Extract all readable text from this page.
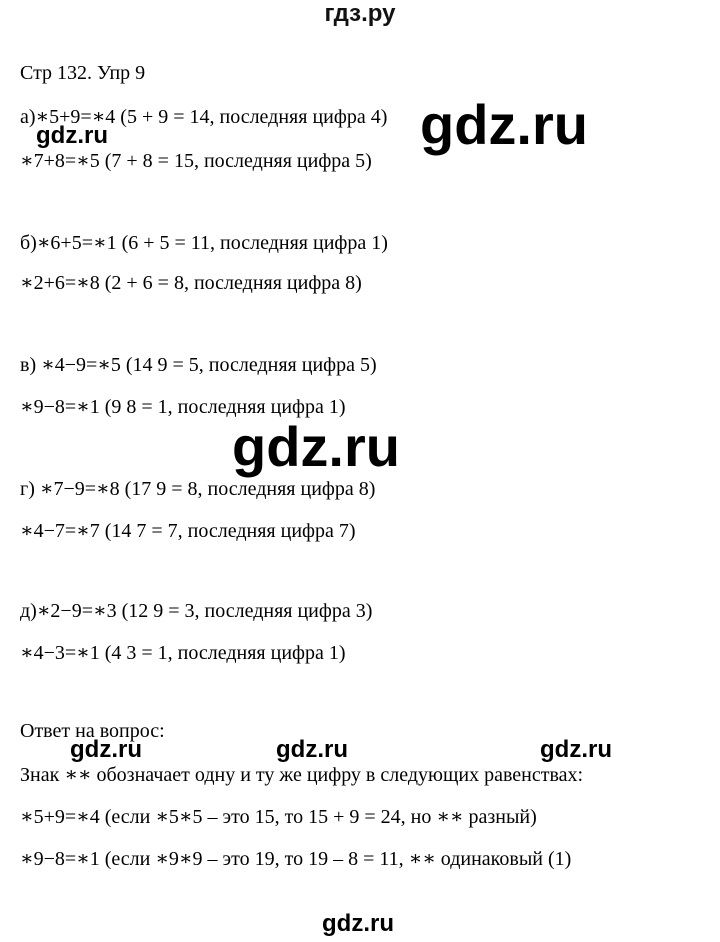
гдз.ру
Стр 132. Упр 9
а)∗5+9=∗4 (5 + 9 = 14, последняя цифра 4)
∗7+8=∗5 (7 + 8 = 15, последняя цифра 5)
б)∗6+5=∗1 (6 + 5 = 11, последняя цифра 1)
∗2+6=∗8 (2 + 6 = 8, последняя цифра 8)
в) ∗4−9=∗5 (14 9 = 5, последняя цифра 5)
∗9−8=∗1 (9 8 = 1, последняя цифра 1)
г) ∗7−9=∗8 (17 9 = 8, последняя цифра 8)
∗4−7=∗7 (14 7 = 7, последняя цифра 7)
д)∗2−9=∗3 (12 9 = 3, последняя цифра 3)
∗4−3=∗1 (4 3 = 1, последняя цифра 1)
Ответ на вопрос:
Знак ∗∗ обозначает одну и ту же цифру в следующих равенствах:
∗5+9=∗4 (если ∗5∗5 – это 15, то 15 + 9 = 24, но ∗∗ разный)
∗9−8=∗1 (если ∗9∗9 – это 19, то 19 – 8 = 11, ∗∗ одинаковый (1)
gdz.ru
gdz.ru
gdz.ru
gdz.ru	gdz.ru	gdz.ru
gdz.ru
